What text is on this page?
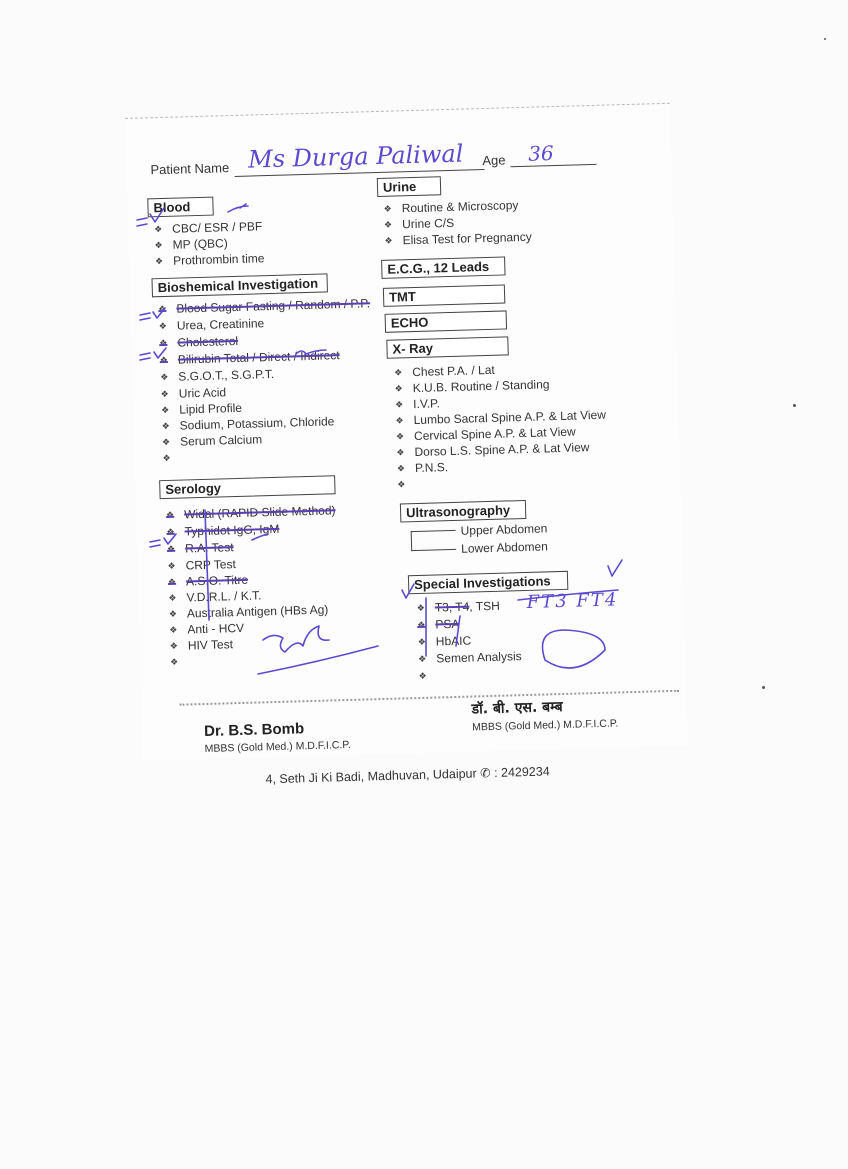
Patient Name Ms Durga Paliwal Age 36
Blood
❖ CBC/ ESR / PBF
❖ MP (QBC)
❖ Prothrombin time
Bioshemical Investigation
❖ Blood Sugar Fasting / Random / P.P.
❖ Urea, Creatinine
❖ Cholesterol
❖ Bilirubin Total / Direct / Indirect
❖ S.G.O.T., S.G.P.T.
❖ Uric Acid
❖ Lipid Profile
❖ Sodium, Potassium, Chloride
❖ Serum Calcium
❖
Serology
❖ Widal (RAPID Slide Method)
❖ Typhidot IgG, IgM
❖ R.A. Test
❖ CRP Test
❖ A.S.O. Titre
❖ V.D.R.L. / K.T.
❖ Australia Antigen (HBs Ag)
❖ Anti - HCV
❖ HIV Test
❖
Urine
❖ Routine & Microscopy
❖ Urine C/S
❖ Elisa Test for Pregnancy
E.C.G., 12 Leads
TMT
ECHO
X- Ray
❖ Chest P.A. / Lat
❖ K.U.B. Routine / Standing
❖ I.V.P.
❖ Lumbo Sacral Spine A.P. & Lat View
❖ Cervical Spine A.P. & Lat View
❖ Dorso L.S. Spine A.P. & Lat View
❖ P.N.S.
❖
Ultrasonography
Upper Abdomen
Lower Abdomen
Special Investigations
❖ T3, T4, TSH
❖ PSA
❖ HbAIC
❖ Semen Analysis
❖
FT3 FT4
Dr. B.S. Bomb
MBBS (Gold Med.) M.D.F.I.C.P.
डॉ. बी. एस. बम्ब
MBBS (Gold Med.) M.D.F.I.C.P.
4, Seth Ji Ki Badi, Madhuvan, Udaipur ✆ : 2429234
